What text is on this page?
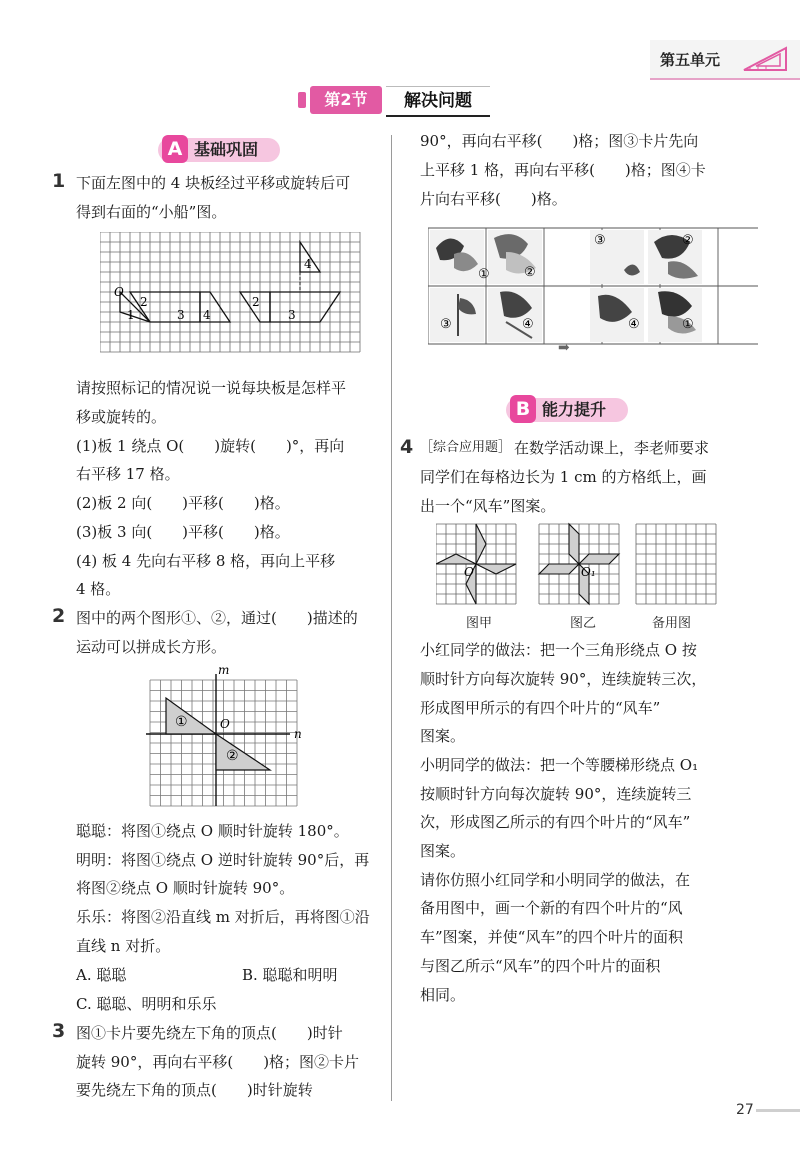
第五单元
第2节	解决问题
A 基础巩固
1 下面左图中的 4 块板经过平移或旋转后可
得到右面的“小船”图。
O
1
2
3 4
2
3
4
请按照标记的情况说一说每块板是怎样平
移或旋转的。
(1)板 1 绕点 O(　　)旋转(　　)°，再向
右平移 17 格。
(2)板 2 向(　　)平移(　　)格。
(3)板 3 向(　　)平移(　　)格。
(4) 板 4 先向右平移 8 格，再向上平移
4 格。
2 图中的两个图形①、②，通过(　　)描述的
运动可以拼成长方形。
m
n
O
①
②
聪聪：将图①绕点 O 顺时针旋转 180°。
明明：将图①绕点 O 逆时针旋转 90°后，再
将图②绕点 O 顺时针旋转 90°。
乐乐：将图②沿直线 m 对折后，再将图①沿
直线 n 对折。
A. 聪聪	B. 聪聪和明明
C. 聪聪、明明和乐乐
3 图①卡片要先绕左下角的顶点(　　)时针
旋转 90°，再向右平移(　　)格；图②卡片
要先绕左下角的顶点(　　)时针旋转
90°，再向右平移(　　)格；图③卡片先向
上平移 1 格，再向右平移(　　)格；图④卡
片向右平移(　　)格。
①	②
③	④
③	②
④	①
➡
B 能力提升
4 ［综合应用题］ 在数学活动课上，李老师要求
同学们在每格边长为 1 cm 的方格纸上，画
出一个“风车”图案。
O	O₁
图甲	图乙	备用图
小红同学的做法：把一个三角形绕点 O 按
顺时针方向每次旋转 90°，连续旋转三次，
形成图甲所示的有四个叶片的“风车”
图案。
小明同学的做法：把一个等腰梯形绕点 O₁
按顺时针方向每次旋转 90°，连续旋转三
次，形成图乙所示的有四个叶片的“风车”
图案。
请你仿照小红同学和小明同学的做法，在
备用图中，画一个新的有四个叶片的“风
车”图案，并使“风车”的四个叶片的面积
与图乙所示“风车”的四个叶片的面积
相同。
27
